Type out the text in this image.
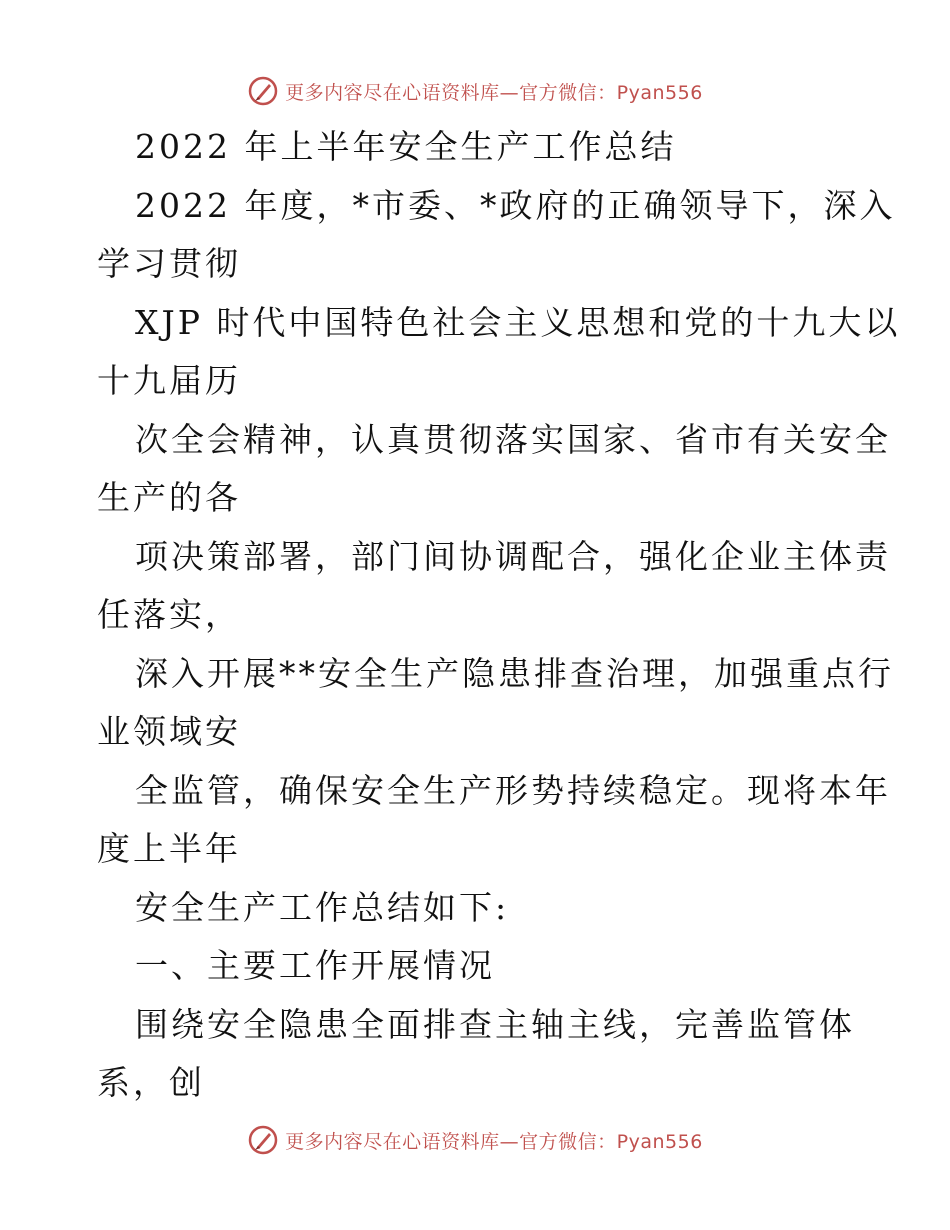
更多内容尽在心语资料库—官方微信：Pyan556
2022 年上半年安全生产工作总结
2022 年度，*市委、*政府的正确领导下，深入
学习贯彻
XJP 时代中国特色社会主义思想和党的十九大以
十九届历
次全会精神，认真贯彻落实国家、省市有关安全
生产的各
项决策部署，部门间协调配合，强化企业主体责
任落实，
深入开展**安全生产隐患排查治理，加强重点行
业领域安
全监管，确保安全生产形势持续稳定。现将本年
度上半年
安全生产工作总结如下:
一、主要工作开展情况
围绕安全隐患全面排查主轴主线，完善监管体
系，创
更多内容尽在心语资料库—官方微信：Pyan556
